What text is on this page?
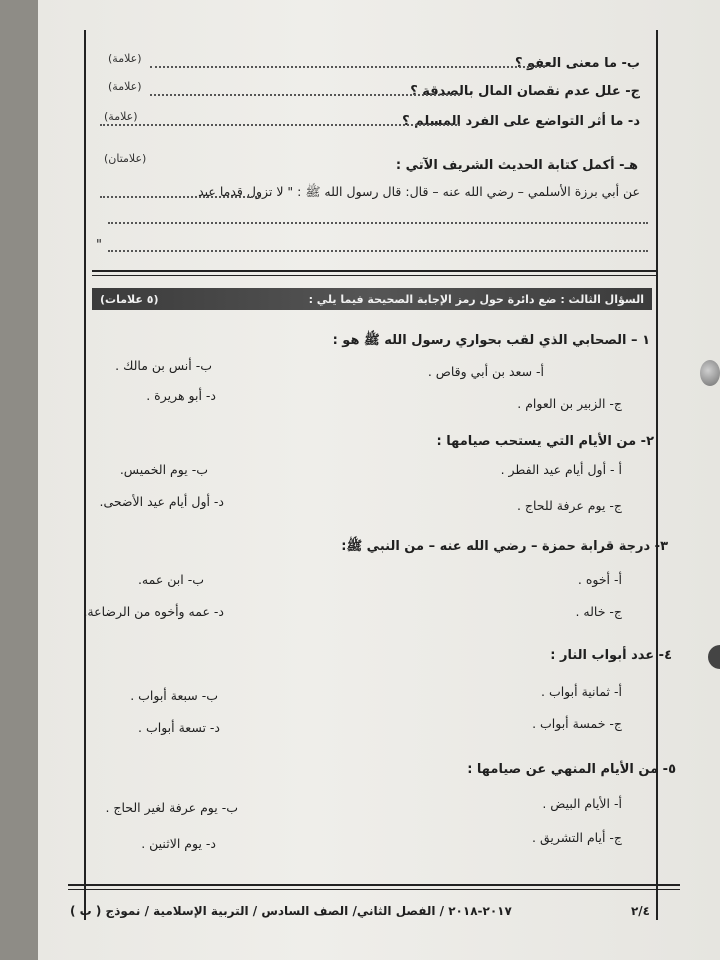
ب- ما معنى العفو ؟
(علامة)
ج- علل عدم نقصان المال بالصدقة ؟
(علامة)
(علامة)	د- ما أثر التواضع على الفرد المسلم ؟
(علامتان)	هـ- أكمل كتابة الحديث الشريف الآتي :
عن أبي برزة الأسلمي – رضي الله عنه – قال: قال رسول الله ﷺ : " لا تزول قدما عبد
"
السؤال الثالث : ضع دائرة حول رمز الإجابة الصحيحة فيما يلي :
(٥ علامات)
١ – الصحابي الذي لقب بحواري رسول الله ﷺ هو :
أ- سعد بن أبي وقاص .
ب- أنس بن مالك .
ج- الزبير بن العوام .
د- أبو هريرة .
٢- من الأيام التي يستحب صيامها :
أ - أول أيام عيد الفطر .
ب- يوم الخميس.
ج- يوم عرفة للحاج .
د- أول أيام عيد الأضحى.
٣- درجة قرابة حمزة – رضي الله عنه – من النبي ﷺ:
أ- أخوه .
ب- ابن عمه.
ج- خاله .
د- عمه وأخوه من الرضاعة.
٤- عدد أبواب النار :
أ- ثمانية أبواب .
ب- سبعة أبواب .
ج- خمسة أبواب .
د- تسعة أبواب .
٥- من الأيام المنهي عن صيامها :
أ- الأيام البيض .
ب- يوم عرفة لغير الحاج .
ج- أيام التشريق .
د- يوم الاثنين .
٢/٤
٢٠١٧-٢٠١٨ / الفصل الثاني/ الصف السادس / التربية الإسلامية / نموذج ( ب )
